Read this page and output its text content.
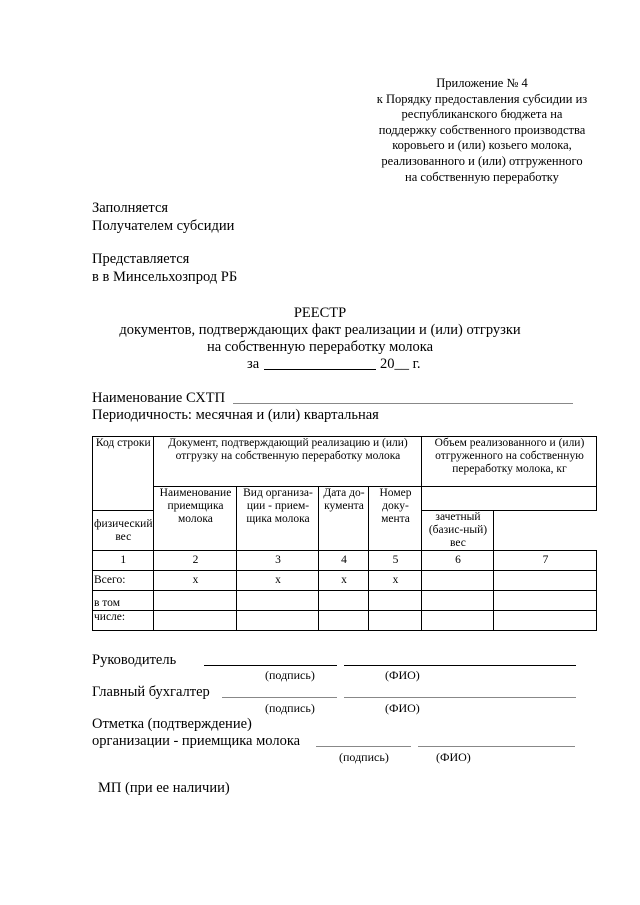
Приложение № 4
к Порядку предоставления субсидии из
республиканского бюджета на
поддержку собственного производства
коровьего и (или) козьего молока,
реализованного и (или) отгруженного
на собственную переработку
Заполняется
Получателем субсидии
Представляется
в в Минсельхозпрод РБ
РЕЕСТР
документов, подтверждающих факт реализации и (или) отгрузки
на собственную переработку молока
за	20__ г.
Наименование СХТП
Периодичность: месячная и (или) квартальная
Код строки	Документ, подтверждающий реализацию и (или) отгрузку на собственную переработку молока				Объем реализованного и (или) отгруженного на собственную переработку молока, кг	
	Наименование приемщика молока	Вид организа-ции - прием-щика молока	Дата до-кумента	Номер доку-мента		
физический вес					зачетный (базис-ный) вес	
1	2	3	4	5	6	7
Всего:	x	x	x	x		
в том						
числе:						
Руководитель
(подпись)	(ФИО)
Главный бухгалтер
(подпись)	(ФИО)
Отметка (подтверждение)
организации - приемщика молока
(подпись)	(ФИО)
МП (при ее наличии)
